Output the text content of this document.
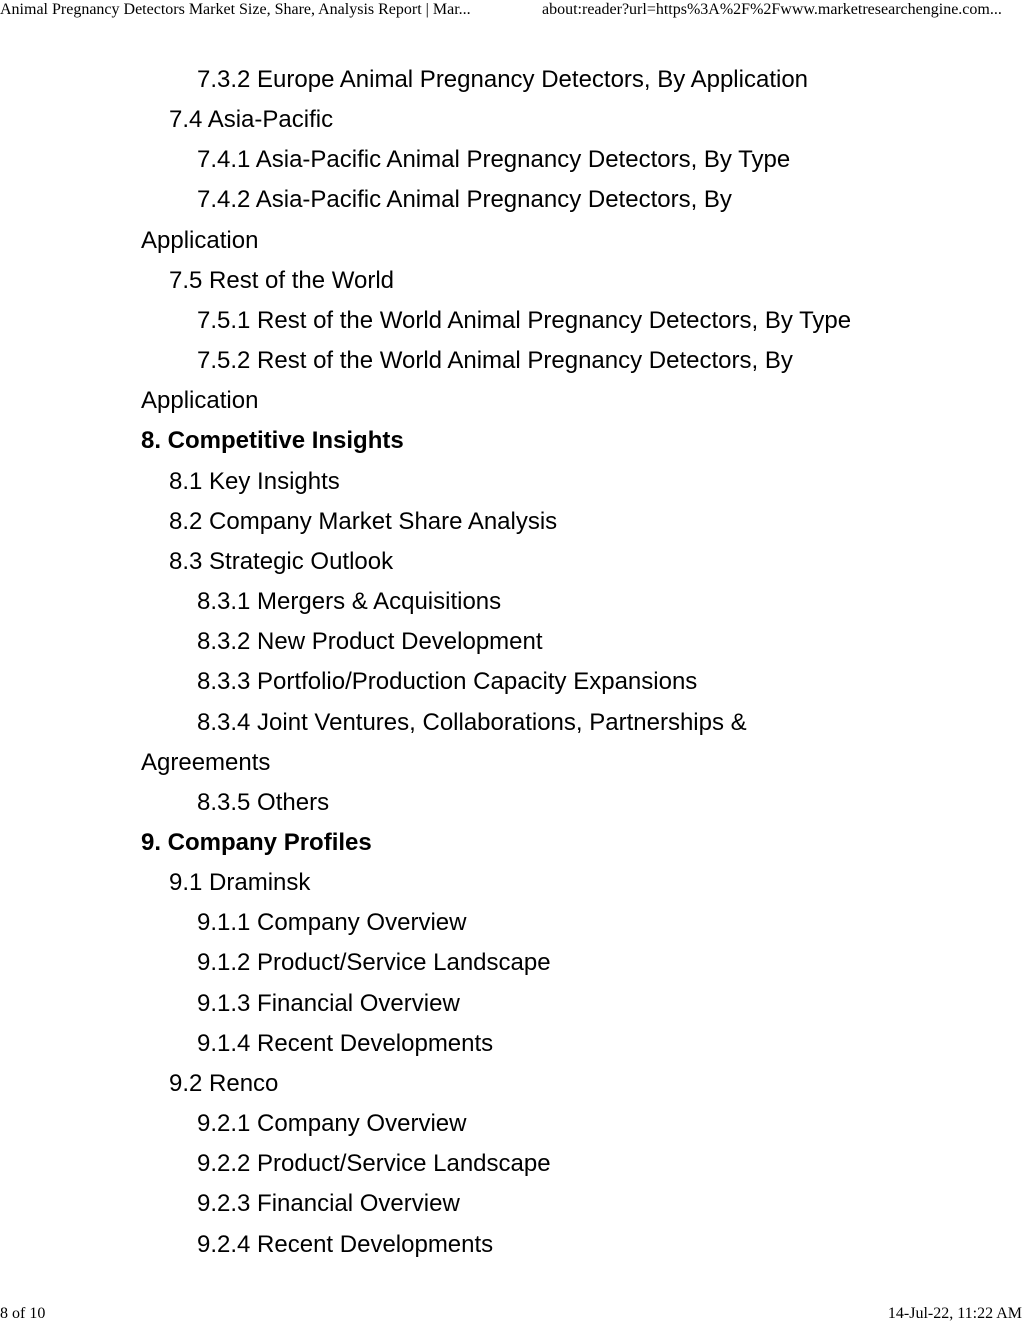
Animal Pregnancy Detectors Market Size, Share, Analysis Report | Mar...	about:reader?url=https%3A%2F%2Fwww.marketresearchengine.com...
7.3.2 Europe Animal Pregnancy Detectors, By Application
7.4 Asia-Pacific
7.4.1 Asia-Pacific Animal Pregnancy Detectors, By Type
7.4.2 Asia-Pacific Animal Pregnancy Detectors, By
Application
7.5 Rest of the World
7.5.1 Rest of the World Animal Pregnancy Detectors, By Type
7.5.2 Rest of the World Animal Pregnancy Detectors, By
Application
8. Competitive Insights
8.1 Key Insights
8.2 Company Market Share Analysis
8.3 Strategic Outlook
8.3.1 Mergers & Acquisitions
8.3.2 New Product Development
8.3.3 Portfolio/Production Capacity Expansions
8.3.4 Joint Ventures, Collaborations, Partnerships &
Agreements
8.3.5 Others
9. Company Profiles
9.1 Draminsk
9.1.1 Company Overview
9.1.2 Product/Service Landscape
9.1.3 Financial Overview
9.1.4 Recent Developments
9.2 Renco
9.2.1 Company Overview
9.2.2 Product/Service Landscape
9.2.3 Financial Overview
9.2.4 Recent Developments
8 of 10	14-Jul-22, 11:22 AM
